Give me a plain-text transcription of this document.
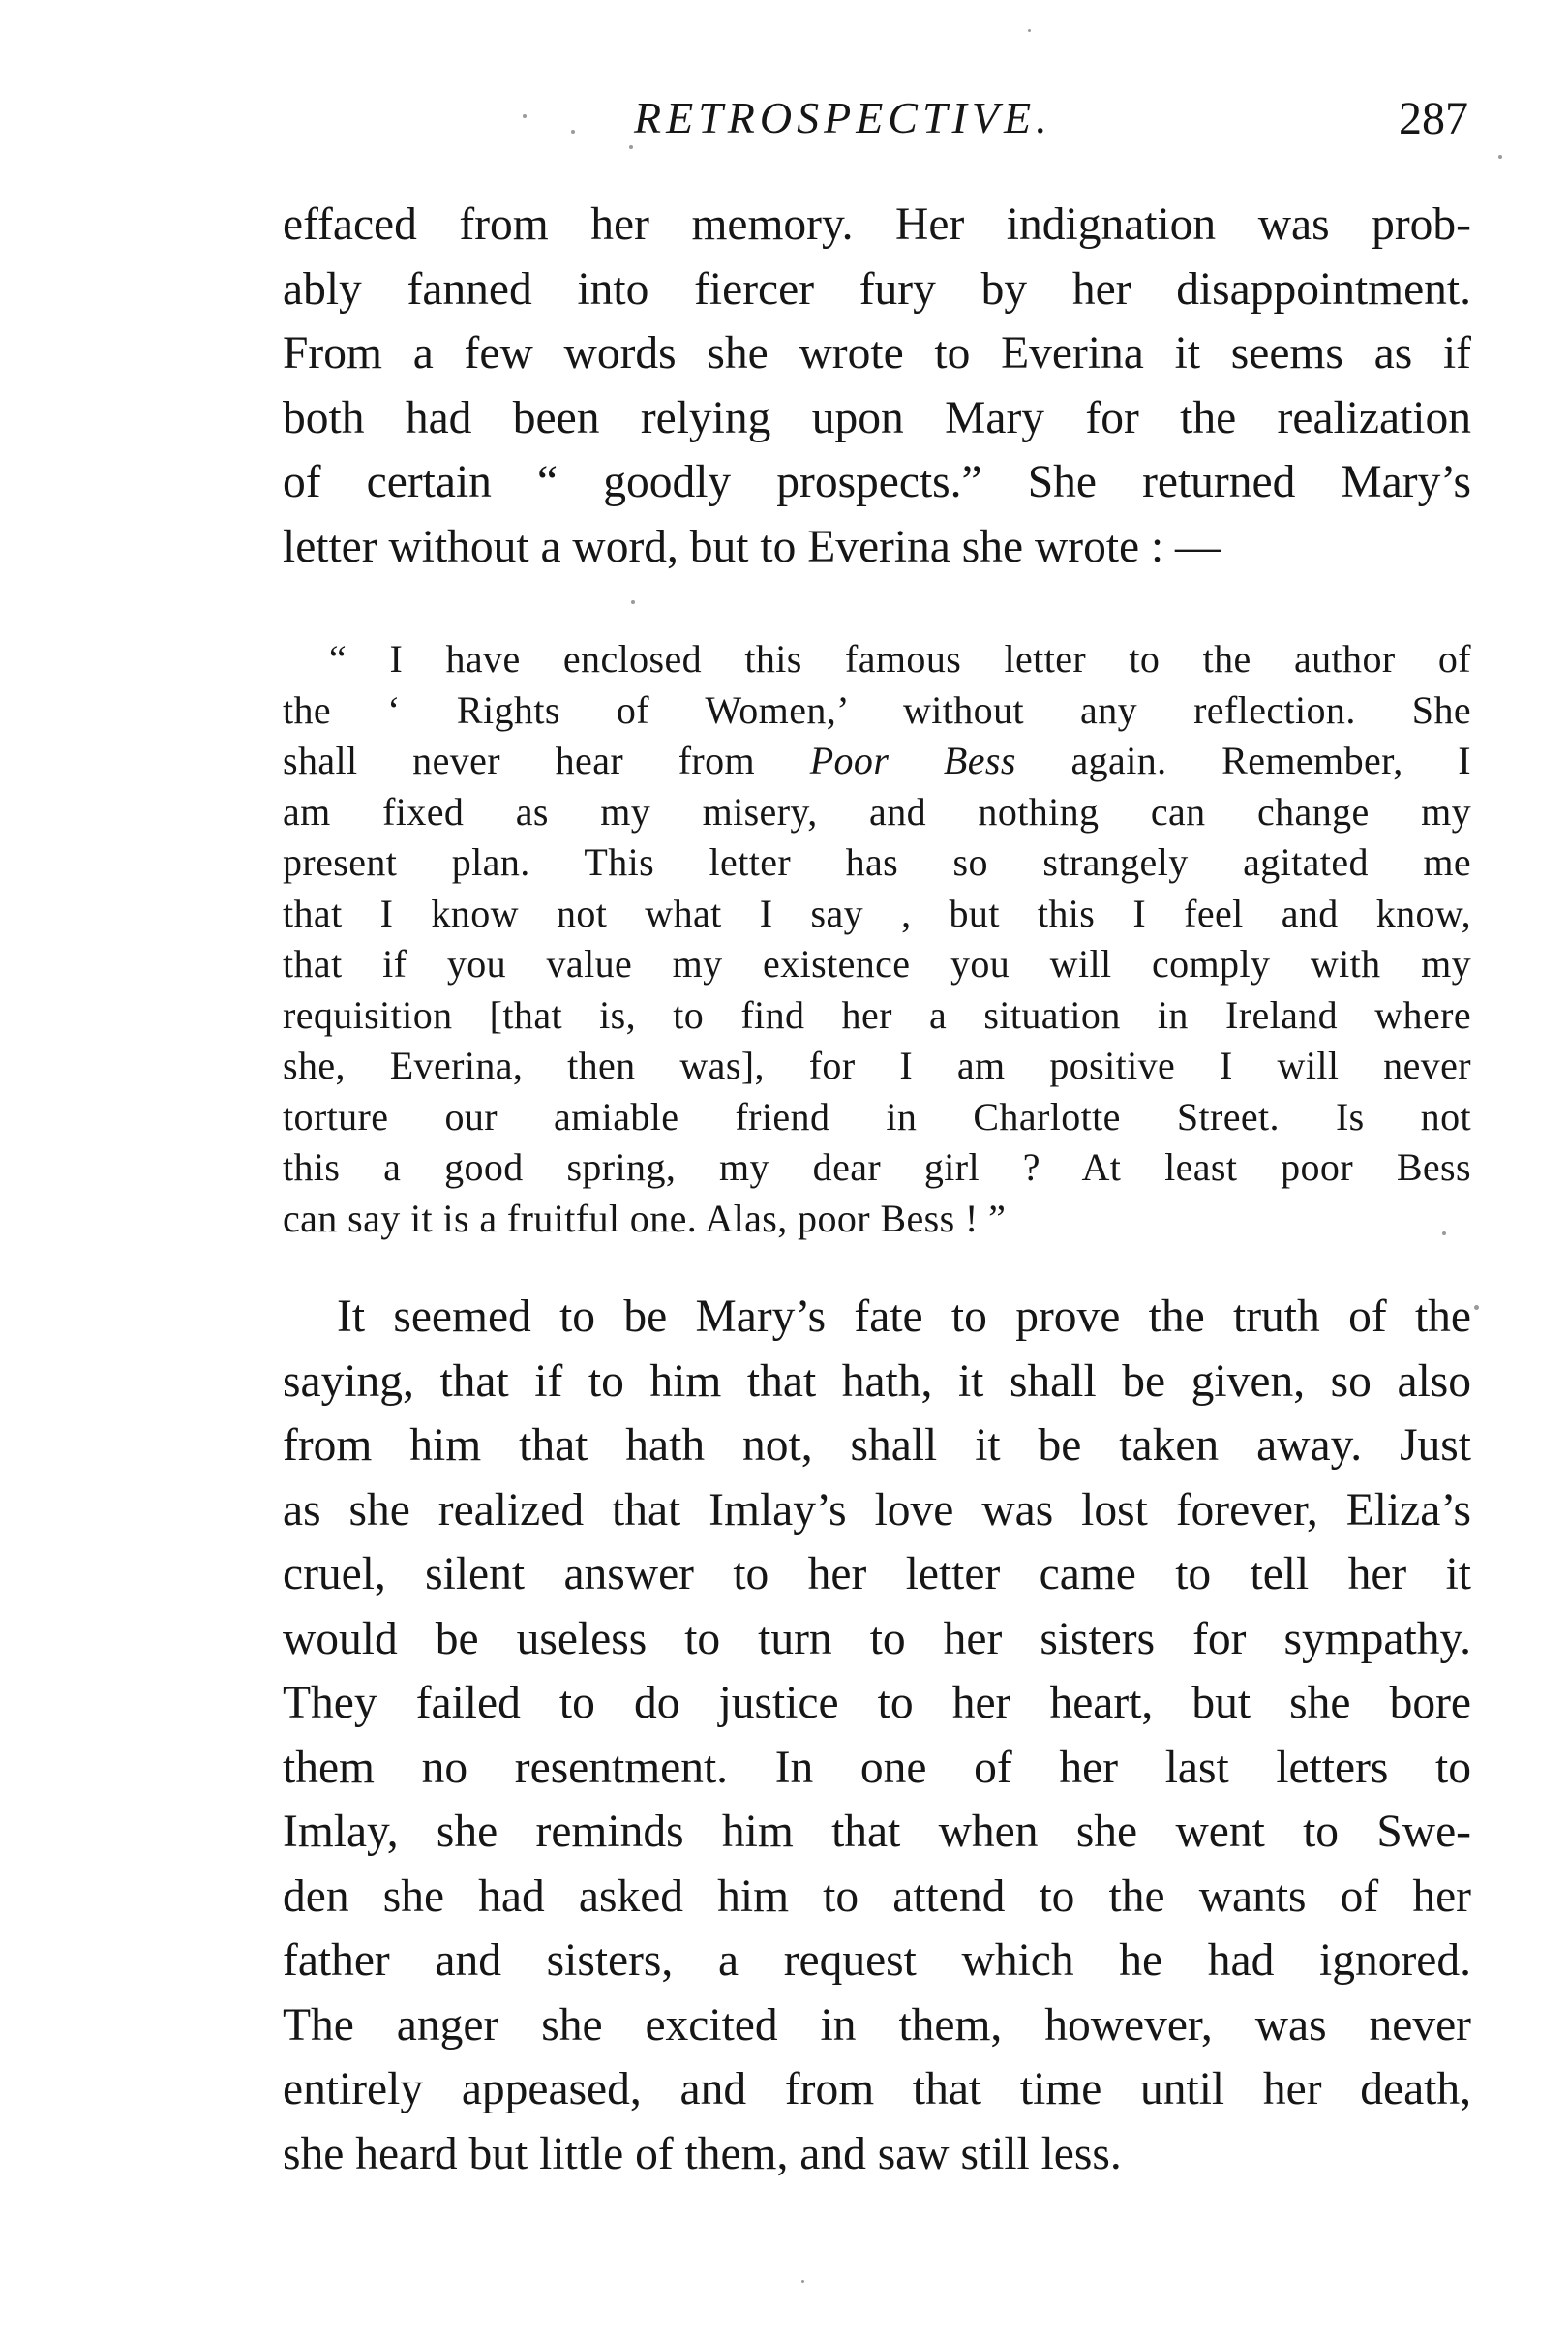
RETROSPECTIVE.	287
effaced from her memory. Her indignation was prob-
ably fanned into fiercer fury by her disappointment.
From a few words she wrote to Everina it seems as if
both had been relying upon Mary for the realization
of certain “ goodly prospects.” She returned Mary’s
letter without a word, but to Everina she wrote : —
“ I have enclosed this famous letter to the author of
the ‘ Rights of Women,’ without any reflection. She
shall never hear from Poor Bess again. Remember, I
am fixed as my misery, and nothing can change my
present plan. This letter has so strangely agitated me
that I know not what I say , but this I feel and know,
that if you value my existence you will comply with my
requisition [that is, to find her a situation in Ireland where
she, Everina, then was], for I am positive I will never
torture our amiable friend in Charlotte Street. Is not
this a good spring, my dear girl ? At least poor Bess
can say it is a fruitful one. Alas, poor Bess ! ”
It seemed to be Mary’s fate to prove the truth of the
saying, that if to him that hath, it shall be given, so also
from him that hath not, shall it be taken away. Just
as she realized that Imlay’s love was lost forever, Eliza’s
cruel, silent answer to her letter came to tell her it
would be useless to turn to her sisters for sympathy.
They failed to do justice to her heart, but she bore
them no resentment. In one of her last letters to
Imlay, she reminds him that when she went to Swe-
den she had asked him to attend to the wants of her
father and sisters, a request which he had ignored.
The anger she excited in them, however, was never
entirely appeased, and from that time until her death,
she heard but little of them, and saw still less.
